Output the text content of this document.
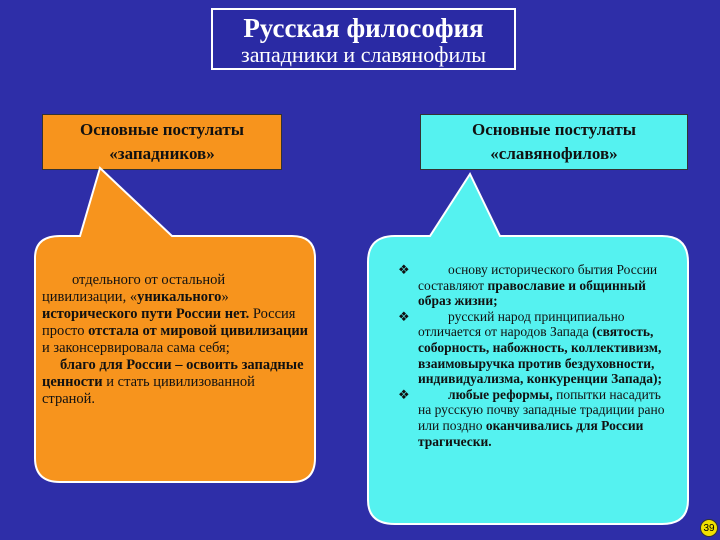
Русская философия
западники и славянофилы
Основные постулаты
«западников»
Основные постулаты
«славянофилов»
отдельного от остальной цивилизации, «уникального» исторического пути России нет. Россия просто отстала от мировой цивилизации и законсервировала сама себя;
благо для России – освоить западные ценности и стать цивилизованной страной.
❖	основу исторического бытия России составляют православие и общинный образ жизни;
❖	русский народ принципиально отличается от народов Запада (святость, соборность, набожность, коллективизм, взаимовыручка против бездуховности, индивидуализма, конкуренции Запада);
❖	любые реформы, попытки насадить на русскую почву западные традиции рано или поздно оканчивались для России трагически.
39
